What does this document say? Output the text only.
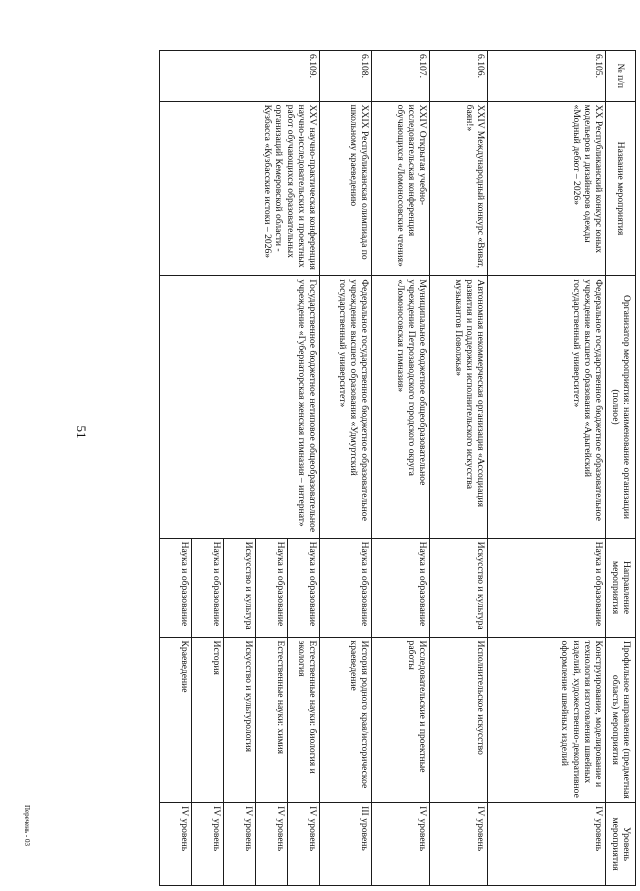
51
№ п/п	Название мероприятия	Организатор мероприятия: наименование организации (полное)	Направление мероприятия	Профильное направление (предметная область) мероприятия	Уровень мероприятия
6.105.	XX Республиканский конкурс юных модельеров и дизайнеров одежды «Модный дебют – 2026»	Федеральное государственное бюджетное образовательное учреждение высшего образования «Адыгейский государственный университет»	Наука и образование	Конструирование, моделирование и технология изготовления швейных изделий, художественно-декоративное оформление швейных изделий	IV уровень
6.106.	XXIV Международный конкурс «Виват, баян!»	Автономная некоммерческая организация «Ассоциация развития и поддержки исполнительского искусства музыкантов Поволжья»	Искусство и культура	Исполнительское искусство	IV уровень
6.107.	XXIV Открытая учебно-исследовательская конференция обучающихся «Ломоносовские чтения»	Муниципальное бюджетное общеобразовательное учреждение Петрозаводского городского округа «Ломоносовская гимназия»	Наука и образование	Исследовательские и проектные работы	IV уровень
6.108.	XXIX Республиканская олимпиада по школьному краеведению	Федеральное государственное бюджетное образовательное учреждение высшего образования «Удмуртский государственный университет»	Наука и образование	История родного края/историческое краеведение	III уровень
6.109.	XXV научно-практическая конференция научно-исследовательских и проектных работ обучающихся образовательных организаций Кемеровской области - Кузбасса «Кузбасские истоки – 2026»	Государственное бюджетное нетиповое общеобразовательное учреждение «Губернаторская женская гимназия – интернат»	Наука и образование	Естественные науки: биология и экология	IV уровень
			Наука и образование	Естественные науки: химия	IV уровень
			Искусство и культура	Искусство и культурология	IV уровень
			Наука и образование	История	IV уровень
			Наука и образование	Краеведение	IV уровень
Перечень - 03
